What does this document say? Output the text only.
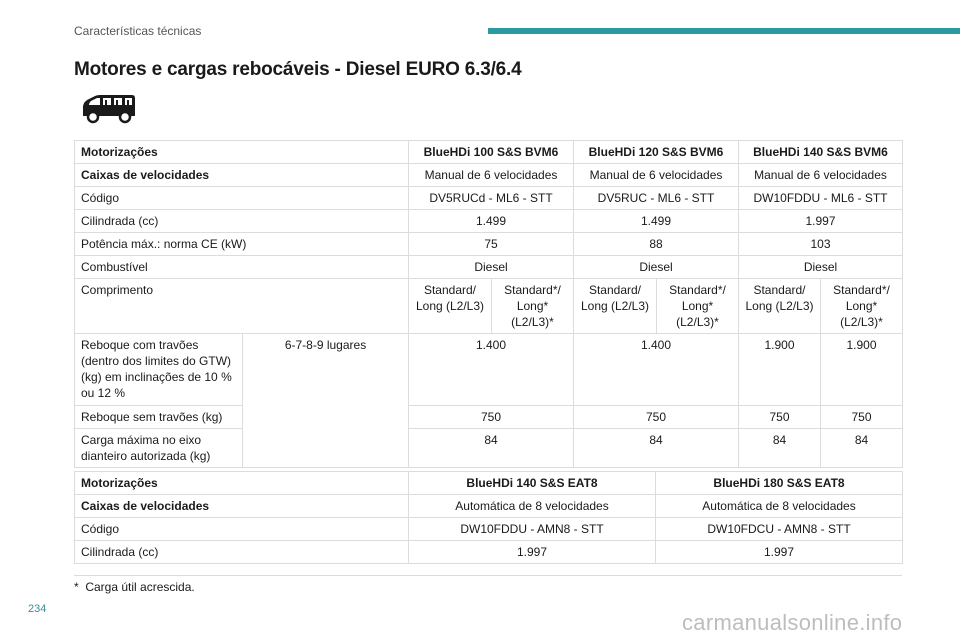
Características técnicas
Motores e cargas rebocáveis - Diesel EURO 6.3/6.4
Motorizações		BlueHDi 100 S&S BVM6		BlueHDi 120 S&S BVM6		BlueHDi 140 S&S BVM6	
Caixas de velocidades		Manual de 6 velocidades		Manual de 6 velocidades		Manual de 6 velocidades	
Código		DV5RUCd - ML6 - STT		DV5RUC - ML6 - STT		DW10FDDU - ML6 - STT	
Cilindrada (cc)		1.499		1.499		1.997	
Potência máx.: norma CE (kW)		75		88		103	
Combustível		Diesel		Diesel		Diesel	
Comprimento		Standard/ Long (L2/L3)	Standard*/ Long* (L2/L3)*	Standard/ Long (L2/L3)	Standard*/ Long* (L2/L3)*	Standard/ Long (L2/L3)	Standard*/ Long* (L2/L3)*
Reboque com travões (dentro dos limites do GTW) (kg) em inclinações de 10 % ou 12 %	6-7-8-9 lugares	1.400		1.400		1.900	1.900
Reboque sem travões (kg)		750		750		750	750
Carga máxima no eixo dianteiro autorizada (kg)		84		84		84	84
Motorizações	BlueHDi 140 S&S EAT8	BlueHDi 180 S&S EAT8
Caixas de velocidades	Automática de 8 velocidades	Automática de 8 velocidades
Código	DW10FDDU - AMN8 - STT	DW10FDCU - AMN8 - STT
Cilindrada (cc)	1.997	1.997
* Carga útil acrescida.
234
carmanualsonline.info
